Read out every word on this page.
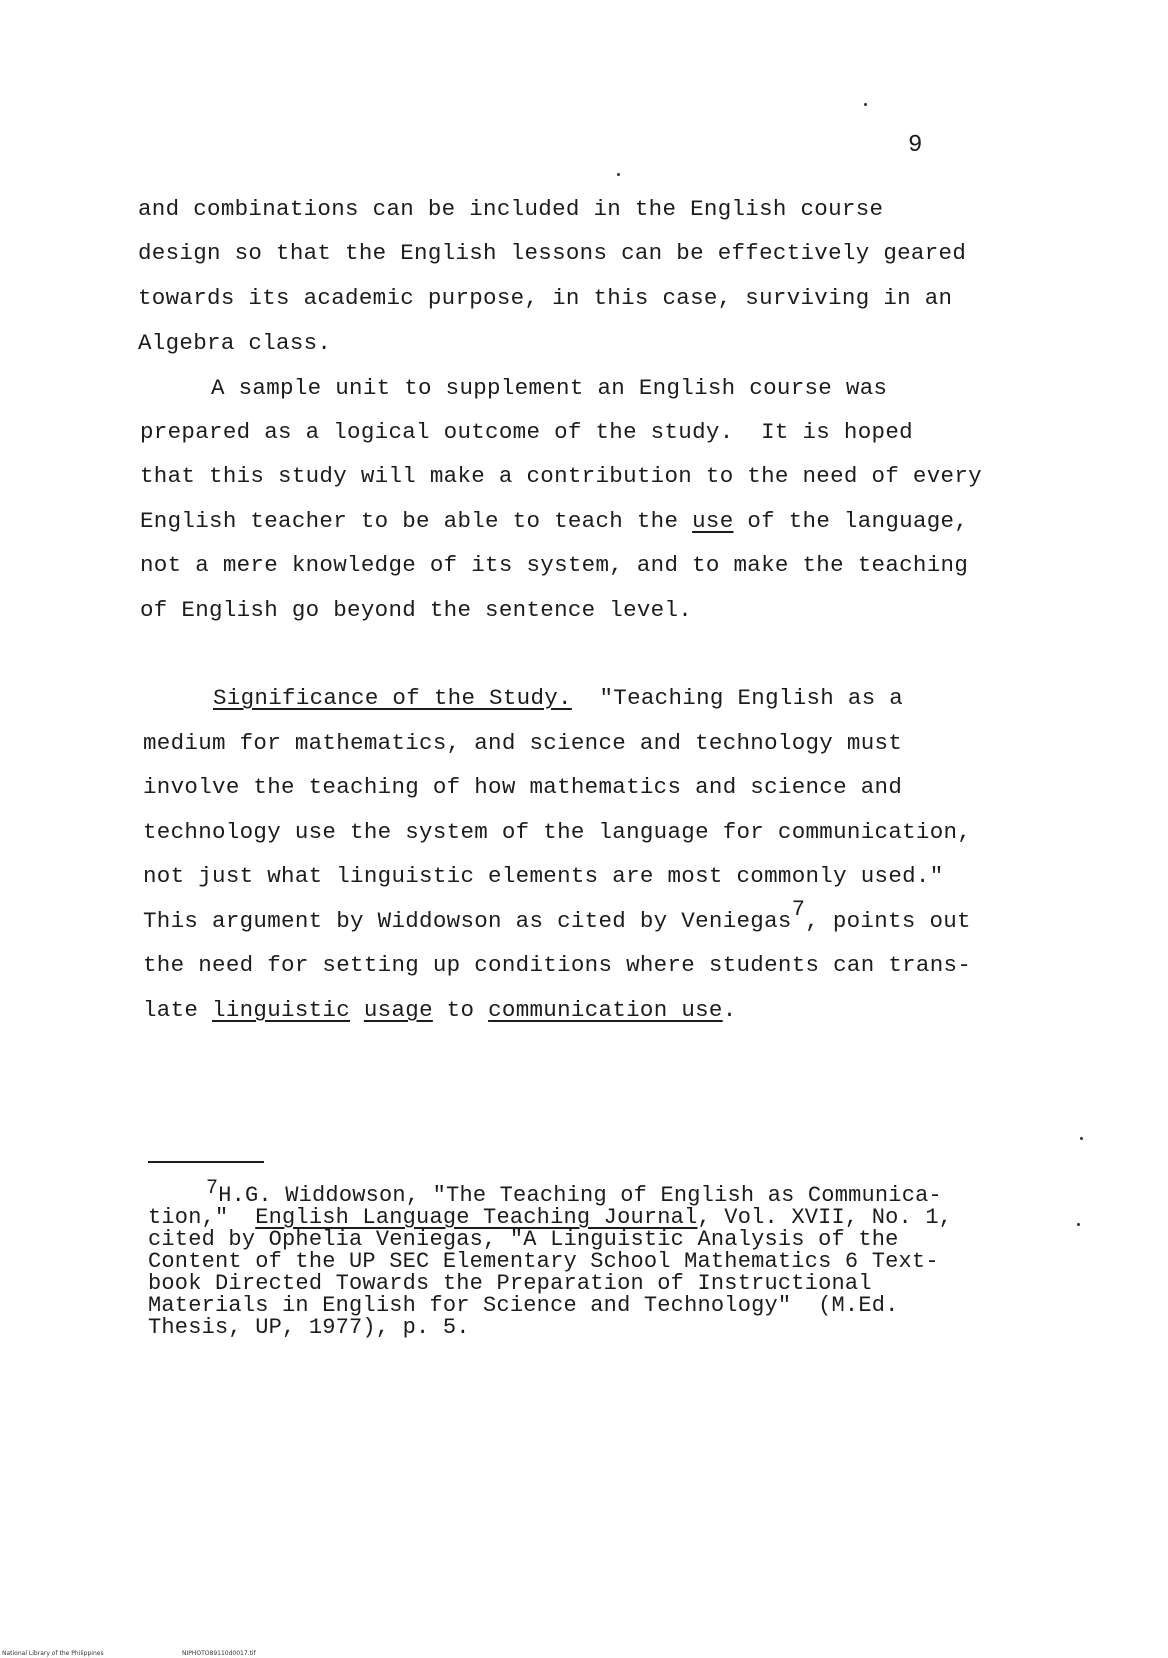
9
and combinations can be included in the English course
design so that the English lessons can be effectively geared
towards its academic purpose, in this case, surviving in an
Algebra class.
A sample unit to supplement an English course was
prepared as a logical outcome of the study.  It is hoped
that this study will make a contribution to the need of every
English teacher to be able to teach the use of the language,
not a mere knowledge of its system, and to make the teaching
of English go beyond the sentence level.
Significance of the Study.  "Teaching English as a
medium for mathematics, and science and technology must
involve the teaching of how mathematics and science and
technology use the system of the language for communication,
not just what linguistic elements are most commonly used."
This argument by Widdowson as cited by Veniegas7, points out
the need for setting up conditions where students can trans-
late linguistic usage to communication use.
7H.G. Widdowson, "The Teaching of English as Communica-
tion,"  English Language Teaching Journal, Vol. XVII, No. 1,
cited by Ophelia Veniegas, "A Linguistic Analysis of the
Content of the UP SEC Elementary School Mathematics 6 Text-
book Directed Towards the Preparation of Instructional
Materials in English for Science and Technology"  (M.Ed.
Thesis, UP, 1977), p. 5.
National Library of the Philippines	NIPHOTO89110d0017.tif
